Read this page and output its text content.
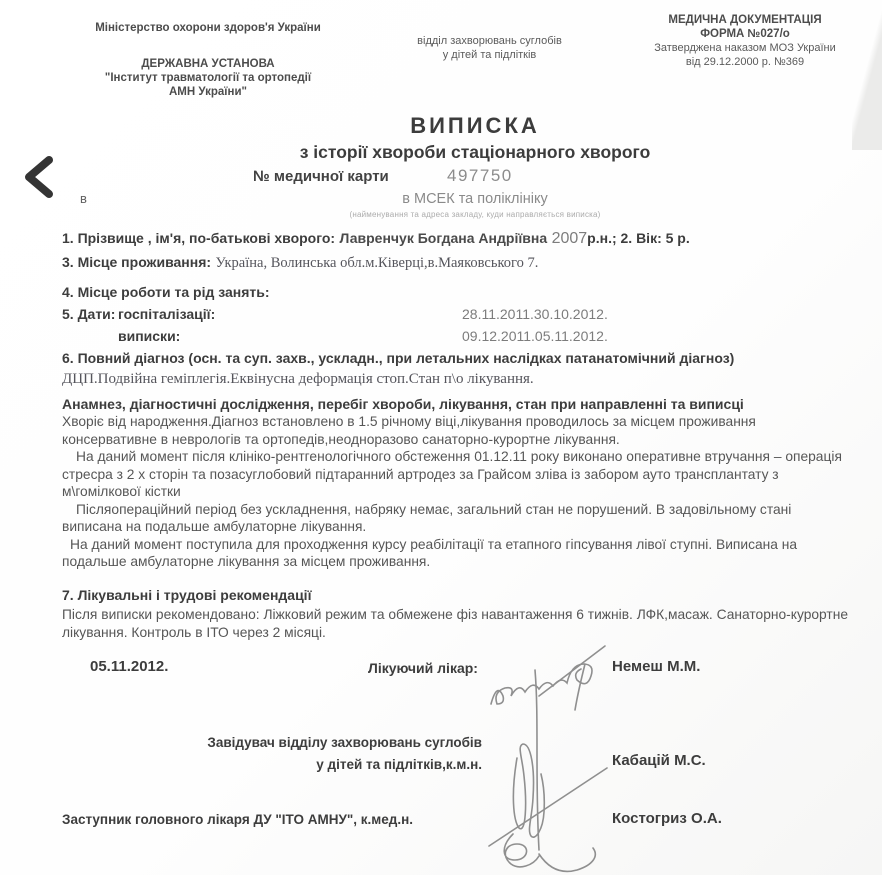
Міністерство охорони здоров'я України
ДЕРЖАВНА УСТАНОВА
"Інститут травматології та ортопедії
АМН України"
відділ захворювань суглобів
у дітей та підлітків
МЕДИЧНА ДОКУМЕНТАЦІЯ
ФОРМА №027/о
Затверджена наказом МОЗ України
від 29.12.2000 р. №369
ВИПИСКА
з історії хвороби стаціонарного хворого
№ медичної карти	497750
в	в МСЕК та поліклініку
(найменування та адреса закладу, куди направляється виписка)
1. Прізвище , ім'я, по-батькові хворого: Лавренчук Богдана Андріївна 2007р.н.; 2. Вік: 5 р.
3. Місце проживання: Україна, Волинська обл.м.Ківерці,в.Маяковського 7.
4. Місце роботи та рід занять:
5. Дати: госпіталізації:	28.11.2011.30.10.2012.
виписки:	09.12.2011.05.11.2012.
6. Повний діагноз (осн. та суп. захв., ускладн., при летальних наслідках патанатомічний діагноз)
ДЦП.Подвійна геміплегія.Еквінусна деформація стоп.Стан п\о лікування.
Анамнез, діагностичні дослідження, перебіг хвороби, лікування, стан при направленні та виписці

Хворіє від народження.Діагноз встановлено в 1.5 річному віці,лікування проводилось за місцем проживання консервативне в неврологів та ортопедів,неодноразово санаторно-курортне лікування.

На даний момент після клініко-рентгенологічного обстеження 01.12.11 року виконано оперативне втручання – операція стресра з 2 х сторін та позасуглобовий підтаранний артродез за Грайсом зліва із забором ауто трансплантату з м\гомілкової кістки

Післяопераційний період без ускладнення, набряку немає, загальний стан не порушений. В задовільному стані виписана на подальше амбулаторне лікування.

На даний момент поступила для проходження курсу реабілітації та етапного гіпсування лівої ступні. Виписана на подальше амбулаторне лікування за місцем проживання.

7. Лікувальні і трудові рекомендації
Після виписки рекомендовано: Ліжковий режим та обмежене фіз навантаження 6 тижнів. ЛФК,масаж. Санаторно-курортне лікування. Контроль в ІТО через 2 місяці.
05.11.2012.	Лікуючий лікар:	Немеш М.М.
Завідувач відділу захворювань суглобів
у дітей та підлітків,к.м.н.	Кабацій М.С.
Заступник головного лікаря ДУ "ІТО АМНУ", к.мед.н.	Костогриз О.А.
